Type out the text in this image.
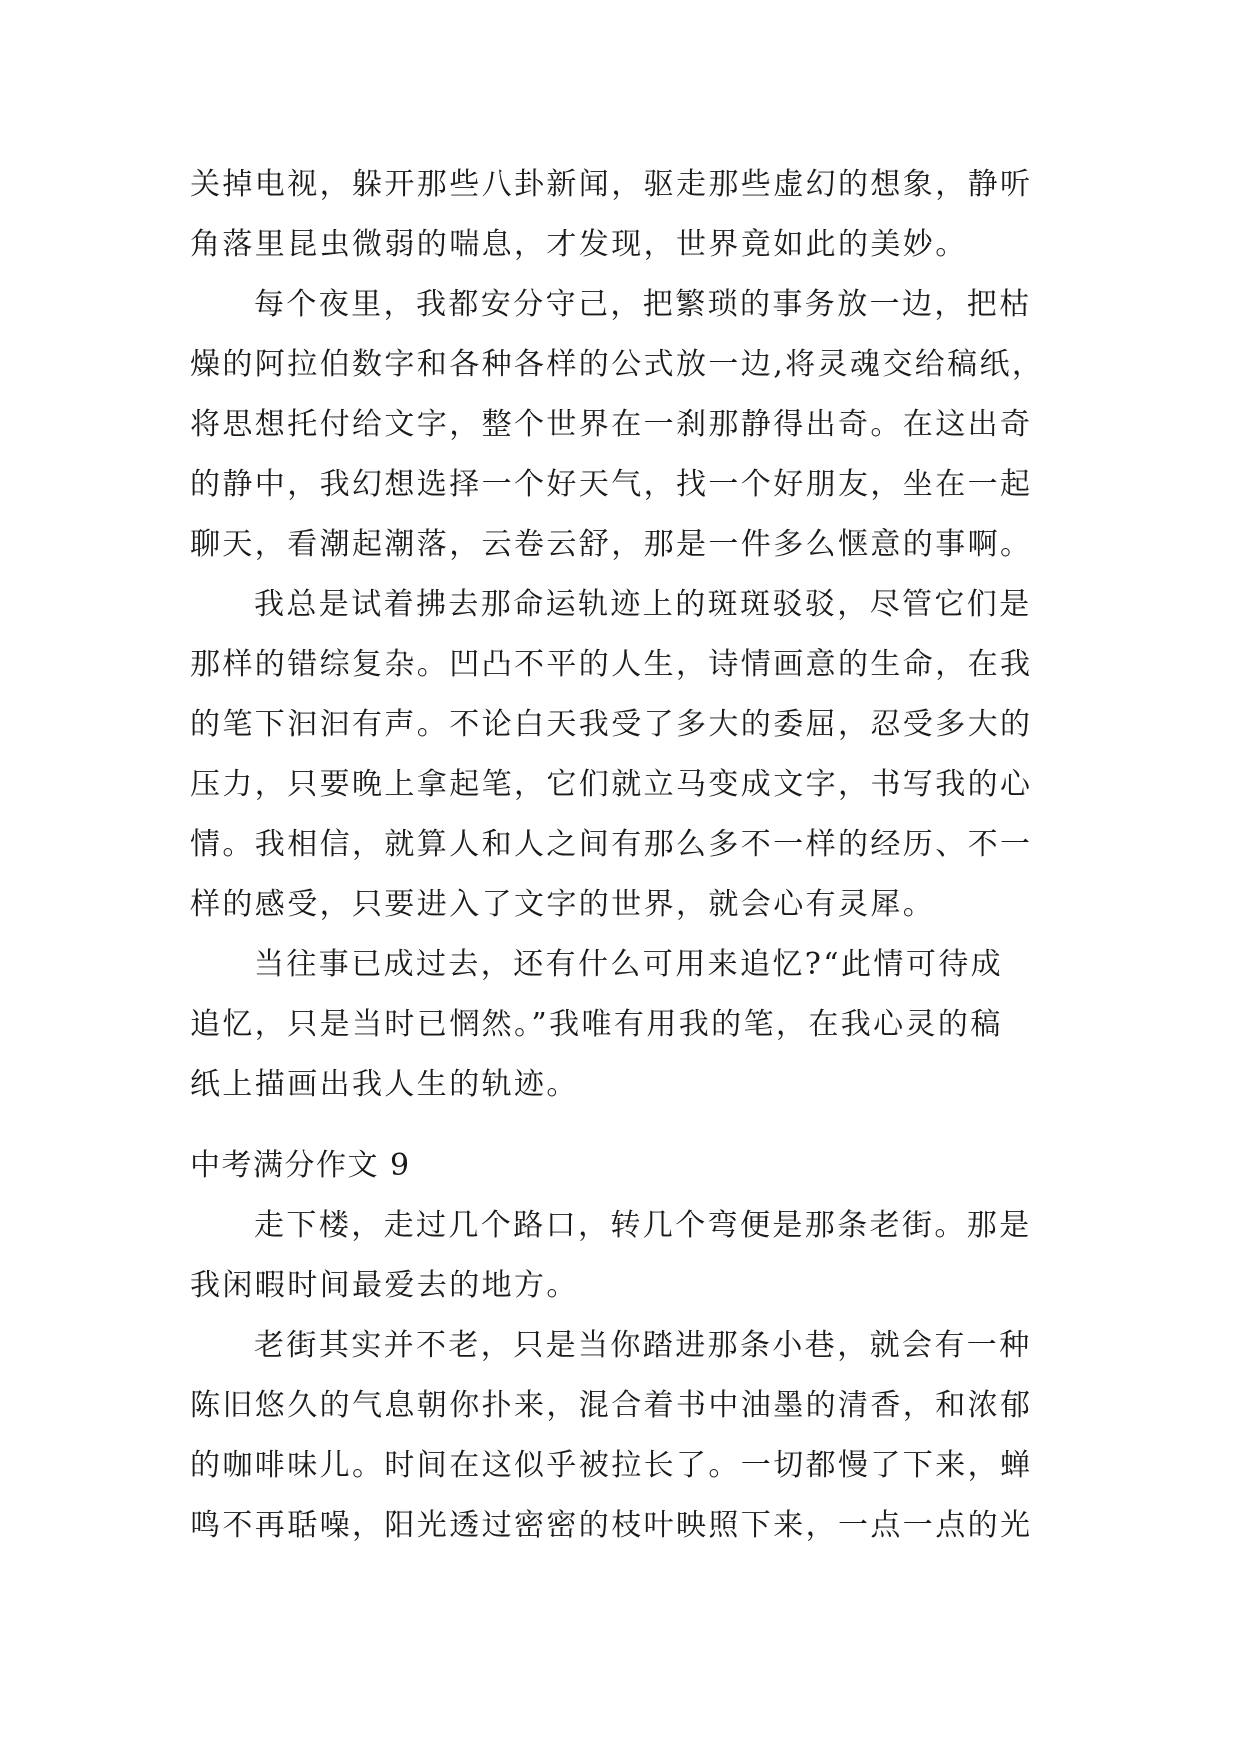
关掉电视，躲开那些八卦新闻，驱走那些虚幻的想象，静听
角落里昆虫微弱的喘息，才发现，世界竟如此的美妙。
每个夜里，我都安分守己，把繁琐的事务放一边，把枯
燥的阿拉伯数字和各种各样的公式放一边,将灵魂交给稿纸，
将思想托付给文字，整个世界在一刹那静得出奇。在这出奇
的静中，我幻想选择一个好天气，找一个好朋友，坐在一起
聊天，看潮起潮落，云卷云舒，那是一件多么惬意的事啊。
我总是试着拂去那命运轨迹上的斑斑驳驳，尽管它们是
那样的错综复杂。凹凸不平的人生，诗情画意的生命，在我
的笔下汩汩有声。不论白天我受了多大的委屈，忍受多大的
压力，只要晚上拿起笔，它们就立马变成文字，书写我的心
情。我相信，就算人和人之间有那么多不一样的经历、不一
样的感受，只要进入了文字的世界，就会心有灵犀。
当往事已成过去，还有什么可用来追忆?“此情可待成
追忆，只是当时已惘然。”我唯有用我的笔，在我心灵的稿
纸上描画出我人生的轨迹。
中考满分作文 9
走下楼，走过几个路口，转几个弯便是那条老街。那是
我闲暇时间最爱去的地方。
老街其实并不老，只是当你踏进那条小巷，就会有一种
陈旧悠久的气息朝你扑来，混合着书中油墨的清香，和浓郁
的咖啡味儿。时间在这似乎被拉长了。一切都慢了下来，蝉
鸣不再聒噪，阳光透过密密的枝叶映照下来，一点一点的光
